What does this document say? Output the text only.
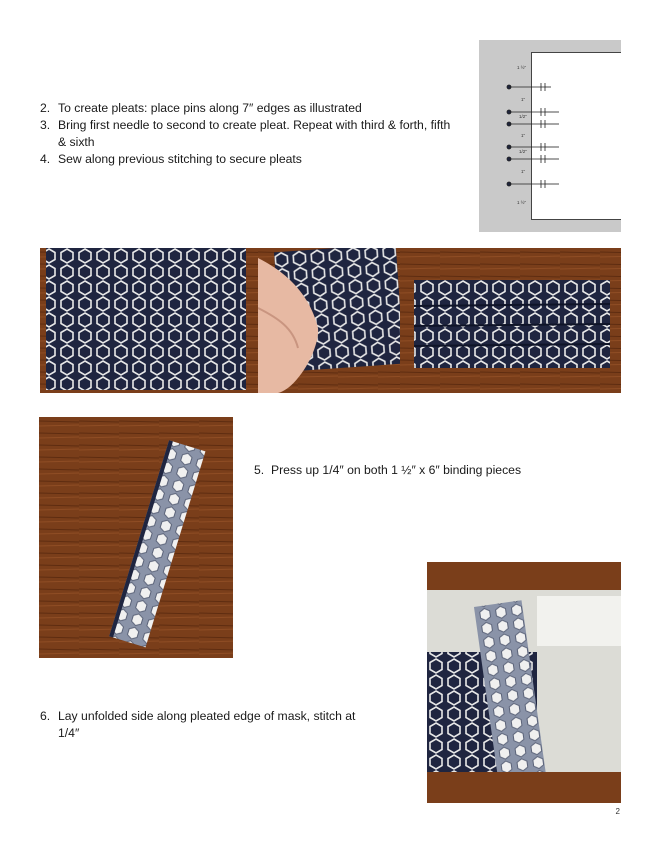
2. To create pleats: place pins along 7″ edges as illustrated
3. Bring first needle to second to create pleat. Repeat with third & forth, fifth & sixth
4. Sew along previous stitching to secure pleats
1 ½"
1"
1/2"
1"
1/2"
1"
1 ½"
5. Press up 1/4″ on both 1 ½″ x 6″ binding pieces
6. Lay unfolded side along pleated edge of mask, stitch at 1/4″
2
